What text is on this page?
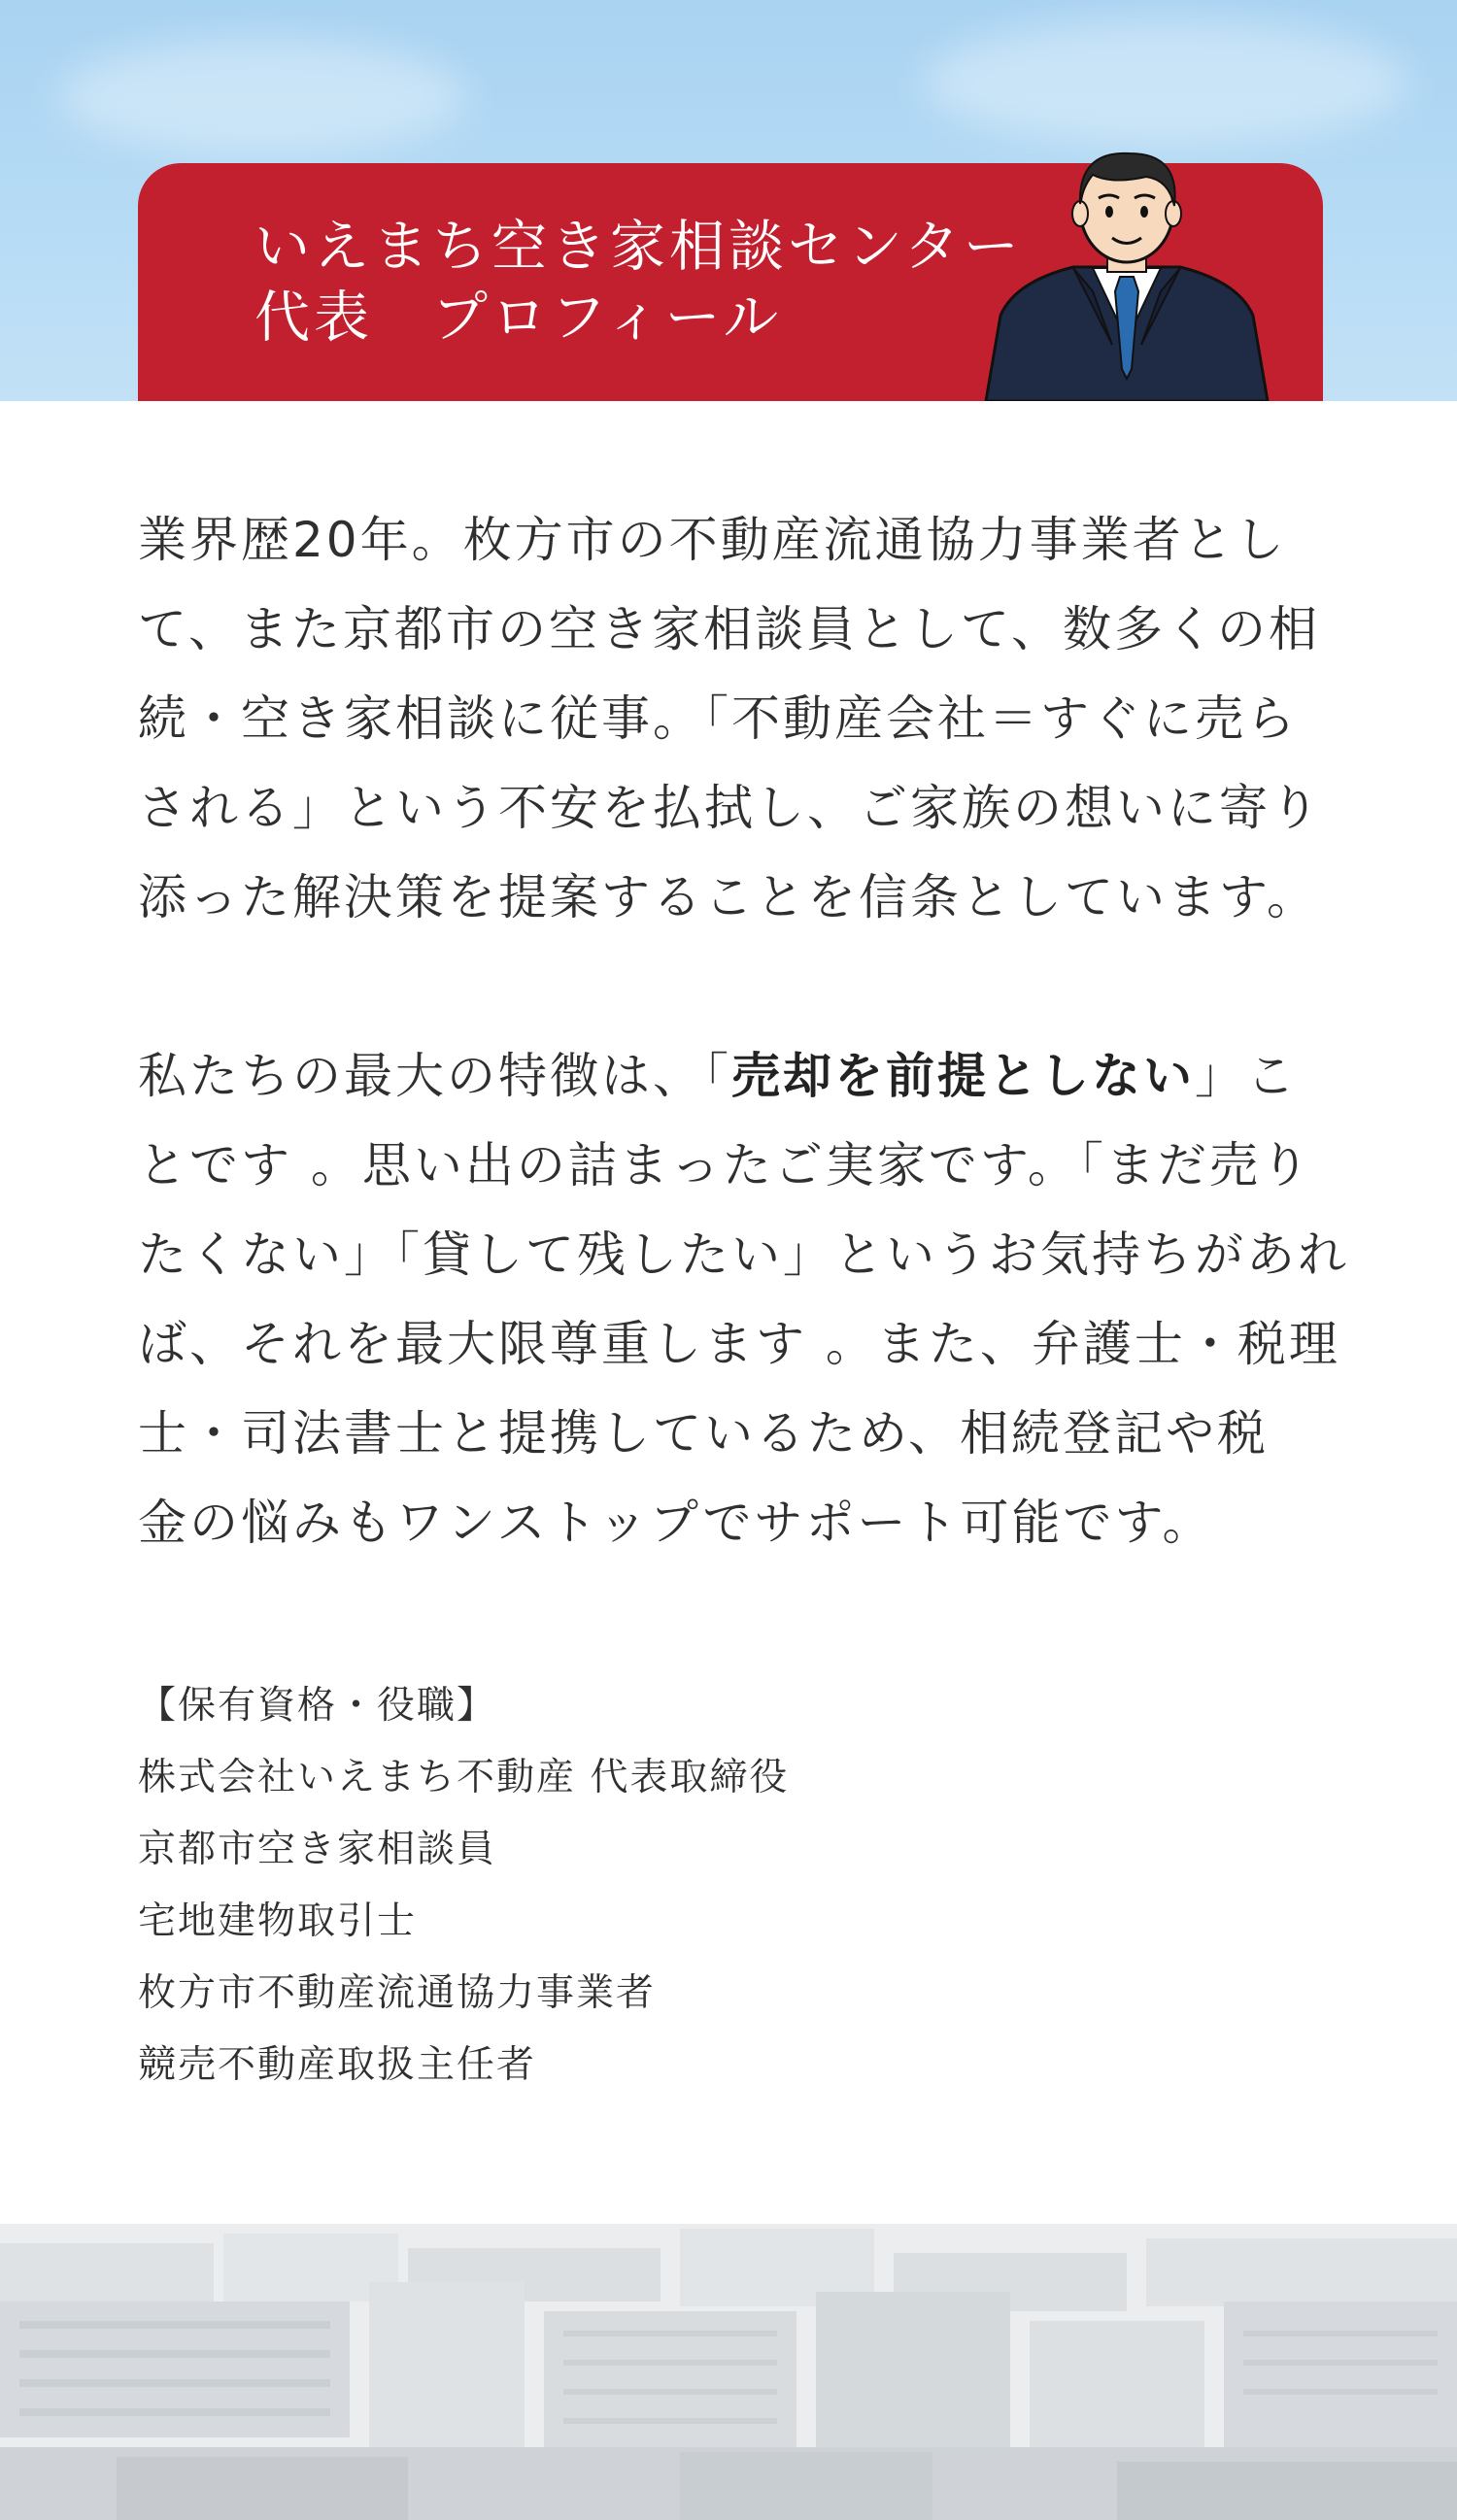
いえまち空き家相談センター
代表　プロフィール

業界歴20年。枚方市の不動産流通協力事業者とし
て、また京都市の空き家相談員として、数多くの相
続・空き家相談に従事。「不動産会社＝すぐに売ら
される」という不安を払拭し、ご家族の想いに寄り
添った解決策を提案することを信条としています。

私たちの最大の特徴は、「売却を前提としない」こ
とです 。思い出の詰まったご実家です。「まだ売り
たくない」「貸して残したい」というお気持ちがあれ
ば、それを最大限尊重します 。また、弁護士・税理
士・司法書士と提携しているため、相続登記や税
金の悩みもワンストップでサポート可能です。

【保有資格・役職】
株式会社いえまち不動産 代表取締役
京都市空き家相談員
宅地建物取引士
枚方市不動産流通協力事業者
競売不動産取扱主任者
